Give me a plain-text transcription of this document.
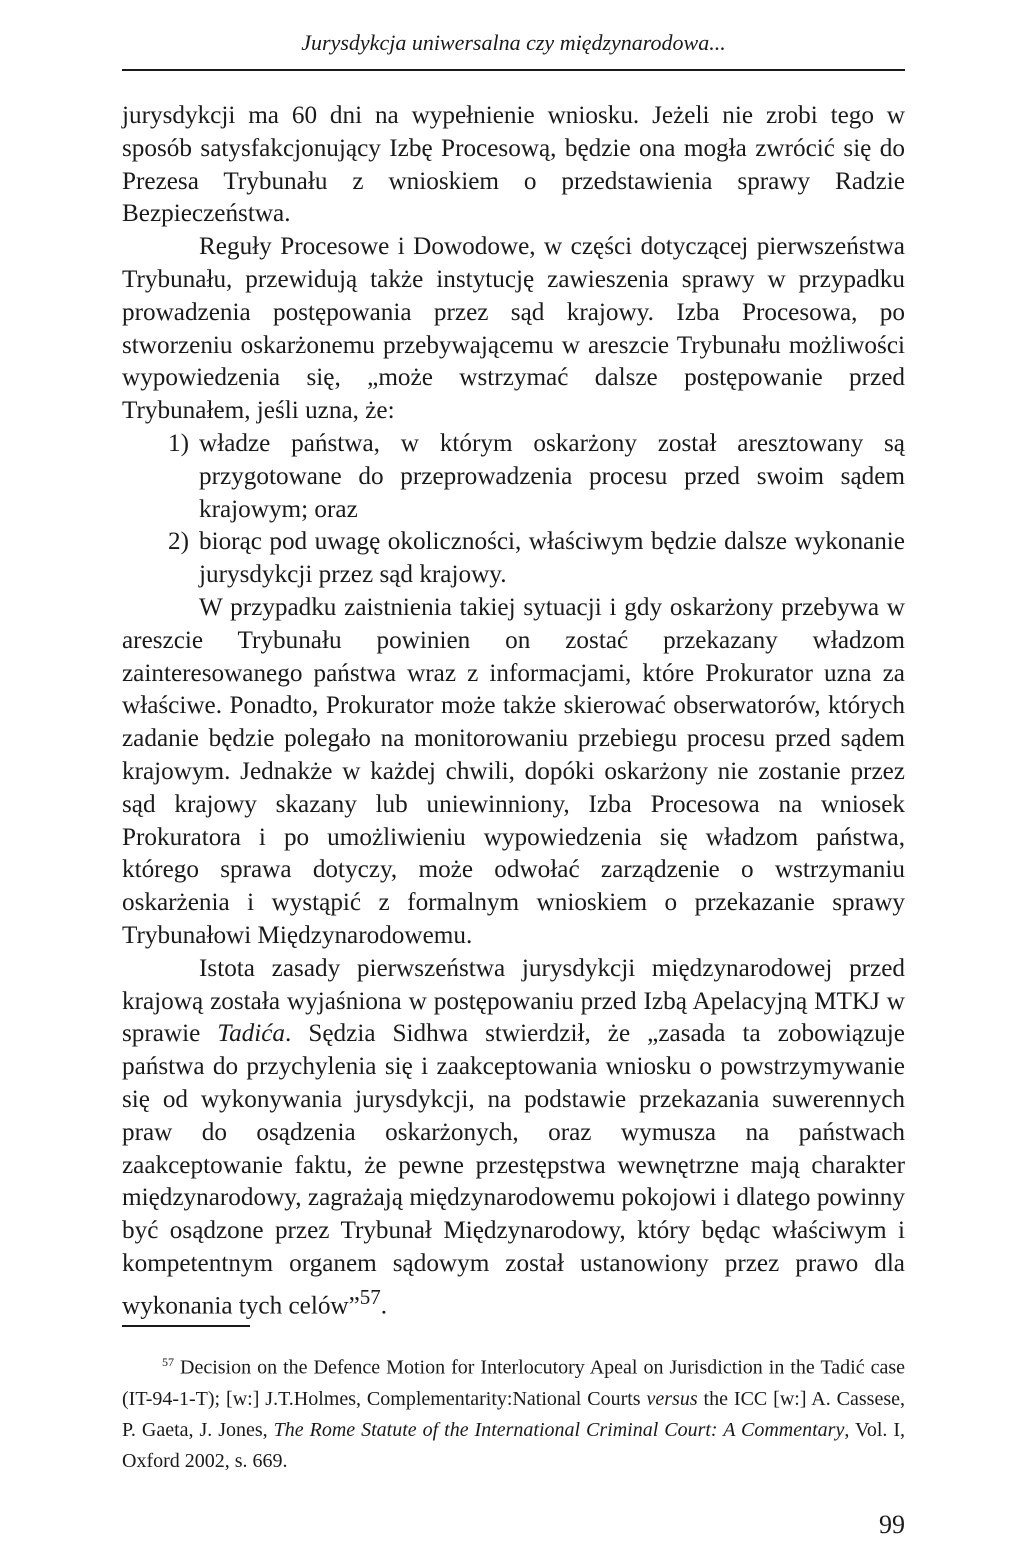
Jurysdykcja uniwersalna czy międzynarodowa...

jurysdykcji ma 60 dni na wypełnienie wniosku. Jeżeli nie zrobi tego w sposób satysfakcjonujący Izbę Procesową, będzie ona mogła zwrócić się do Prezesa Trybunału z wnioskiem o przedstawienia sprawy Radzie Bezpieczeństwa.

Reguły Procesowe i Dowodowe, w części dotyczącej pierwszeństwa Trybunału, przewidują także instytucję zawieszenia sprawy w przypadku prowadzenia postępowania przez sąd krajowy. Izba Procesowa, po stworzeniu oskarżonemu przebywającemu w areszcie Trybunału możliwości wypowiedzenia się, „może wstrzymać dalsze postępowanie przed Trybunałem, jeśli uzna, że:

1) władze państwa, w którym oskarżony został aresztowany są przygotowane do przeprowadzenia procesu przed swoim sądem krajowym; oraz
2) biorąc pod uwagę okoliczności, właściwym będzie dalsze wykonanie jurysdykcji przez sąd krajowy.

W przypadku zaistnienia takiej sytuacji i gdy oskarżony przebywa w areszcie Trybunału powinien on zostać przekazany władzom zainteresowanego państwa wraz z informacjami, które Prokurator uzna za właściwe. Ponadto, Prokurator może także skierować obserwatorów, których zadanie będzie polegało na monitorowaniu przebiegu procesu przed sądem krajowym. Jednakże w każdej chwili, dopóki oskarżony nie zostanie przez sąd krajowy skazany lub uniewinniony, Izba Procesowa na wniosek Prokuratora i po umożliwieniu wypowiedzenia się władzom państwa, którego sprawa dotyczy, może odwołać zarządzenie o wstrzymaniu oskarżenia i wystąpić z formalnym wnioskiem o przekazanie sprawy Trybunałowi Międzynarodowemu.

Istota zasady pierwszeństwa jurysdykcji międzynarodowej przed krajową została wyjaśniona w postępowaniu przed Izbą Apelacyjną MTKJ w sprawie Tadića. Sędzia Sidhwa stwierdził, że „zasada ta zobowiązuje państwa do przychylenia się i zaakceptowania wniosku o powstrzymywanie się od wykonywania jurysdykcji, na podstawie przekazania suwerennych praw do osądzenia oskarżonych, oraz wymusza na państwach zaakceptowanie faktu, że pewne przestępstwa wewnętrzne mają charakter międzynarodowy, zagrażają międzynarodowemu pokojowi i dlatego powinny być osądzone przez Trybunał Międzynarodowy, który będąc właściwym i kompetentnym organem sądowym został ustanowiony przez prawo dla wykonania tych celów”$^{57}$.

$^{57}$ Decision on the Defence Motion for Interlocutory Apeal on Jurisdiction in the Tadić case (IT-94-1-T); [w:] J.T.Holmes, Complementarity:National Courts versus the ICC [w:] A. Cassese, P. Gaeta, J. Jones, The Rome Statute of the International Criminal Court: A Commentary, Vol. I, Oxford 2002, s. 669.
99
